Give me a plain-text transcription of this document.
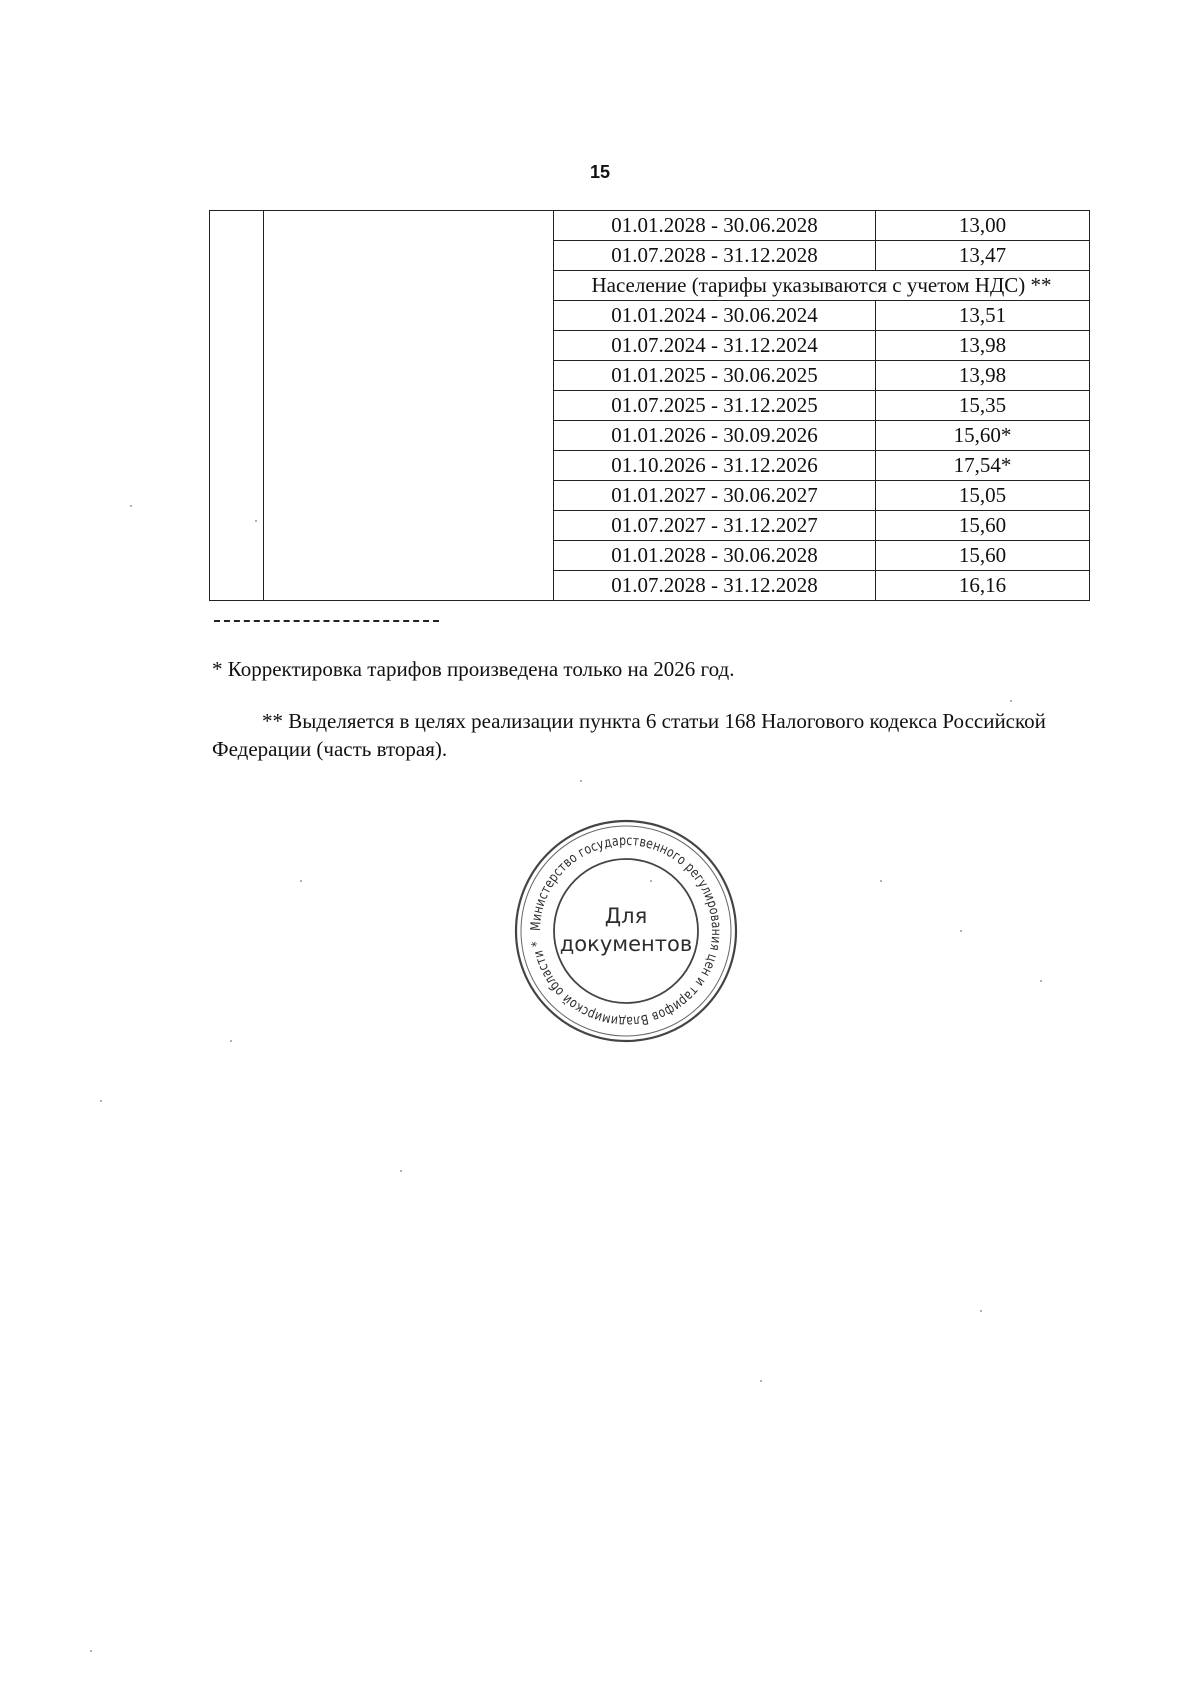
15
		01.01.2028 - 30.06.2028	13,00
		01.07.2028 - 31.12.2028	13,47
		Население (тарифы указываются с учетом НДС) **	
		01.01.2024 - 30.06.2024	13,51
		01.07.2024 - 31.12.2024	13,98
		01.01.2025 - 30.06.2025	13,98
		01.07.2025 - 31.12.2025	15,35
		01.01.2026 - 30.09.2026	15,60*
		01.10.2026 - 31.12.2026	17,54*
		01.01.2027 - 30.06.2027	15,05
		01.07.2027 - 31.12.2027	15,60
		01.01.2028 - 30.06.2028	15,60
		01.07.2028 - 31.12.2028	16,16
* Корректировка тарифов произведена только на 2026 год.
** Выделяется в целях реализации пункта 6 статьи 168 Налогового кодекса Российской Федерации (часть вторая).
Министерство государственного регулирования цен и тарифов Владимирской области *
Для
документов
